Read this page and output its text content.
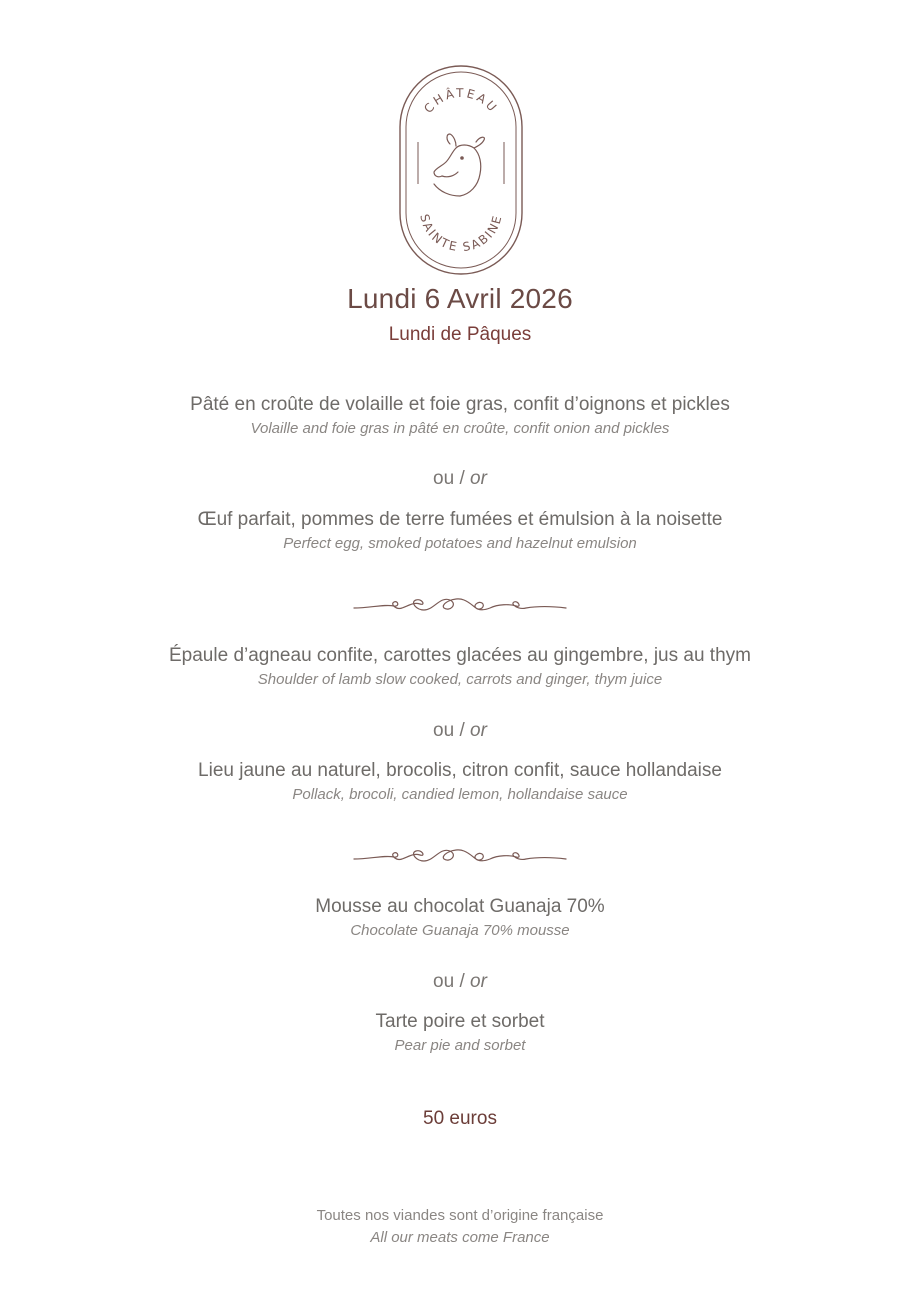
CHÂTEAU
SAINTE SABINE
Lundi 6 Avril 2026
Lundi de Pâques
Pâté en croûte de volaille et foie gras, confit d’oignons et pickles
Volaille and foie gras in pâté en croûte, confit onion and pickles
ou / or
Œuf parfait, pommes de terre fumées et émulsion à la noisette
Perfect egg, smoked potatoes and hazelnut emulsion
Épaule d’agneau confite, carottes glacées au gingembre, jus au thym
Shoulder of lamb slow cooked, carrots and ginger, thym juice
ou / or
Lieu jaune au naturel, brocolis, citron confit, sauce hollandaise
Pollack, brocoli, candied lemon, hollandaise sauce
Mousse au chocolat Guanaja 70%
Chocolate Guanaja 70% mousse
ou / or
Tarte poire et sorbet
Pear pie and sorbet
50 euros
Toutes nos viandes sont d’origine française
All our meats come France
